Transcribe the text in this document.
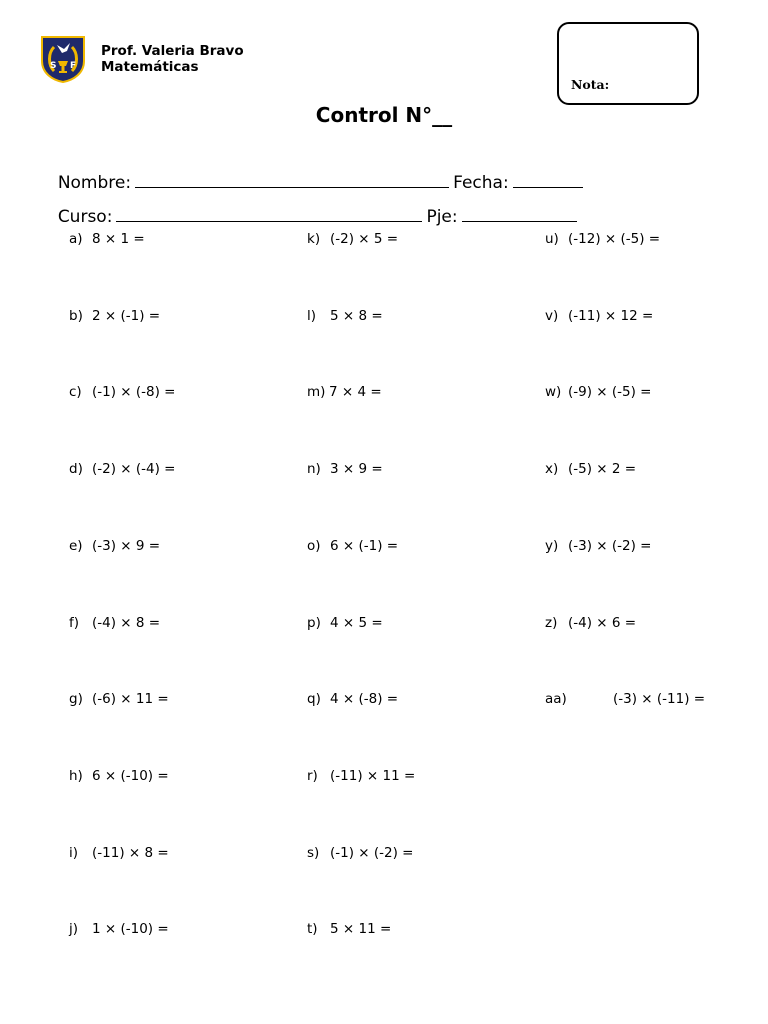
S F
Prof. Valeria Bravo
Matemáticas
Nota:
Control N°__

Nombre:	Fecha:

Curso:	Pje:

a) 8 × 1 =
b) 2 × (-1) =
c) (-1) × (-8) =
d) (-2) × (-4) =
e) (-3) × 9 =
f) (-4) × 8 =
g) (-6) × 11 =
h) 6 × (-10) =
i) (-11) × 8 =
j) 1 × (-10) =
k) (-2) × 5 =
l) 5 × 8 =
m) 7 × 4 =
n) 3 × 9 =
o) 6 × (-1) =
p) 4 × 5 =
q) 4 × (-8) =
r) (-11) × 11 =
s) (-1) × (-2) =
t) 5 × 11 =
u) (-12) × (-5) =
v) (-11) × 12 =
w) (-9) × (-5) =
x) (-5) × 2 =
y) (-3) × (-2) =
z) (-4) × 6 =
aa)	(-3) × (-11) =
